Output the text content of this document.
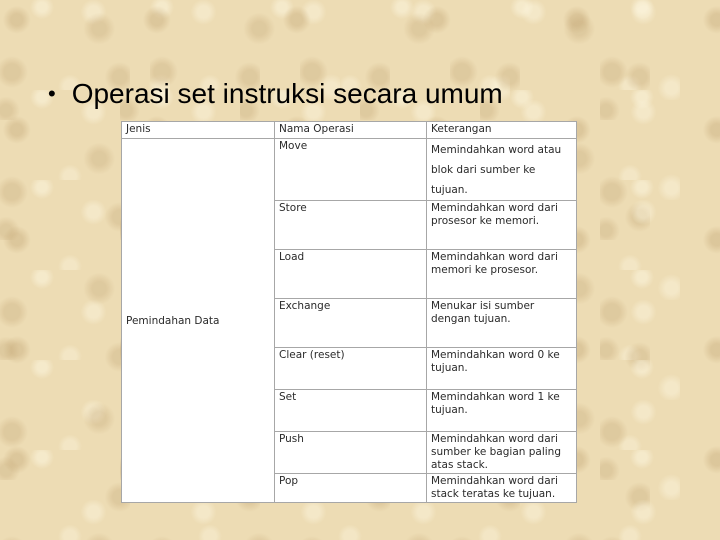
• Operasi set instruksi secara umum
Jenis	Nama Operasi	Keterangan
Pemindahan Data	Move	Memindahkan word atau
blok dari sumber ke
tujuan.

	Store	Memindahkan word dari
prosesor ke memori.

	Load	Memindahkan word dari
memori ke prosesor.

	Exchange	Menukar isi sumber
dengan tujuan.

	Clear (reset)	Memindahkan word 0 ke
tujuan.

	Set	Memindahkan word 1 ke
tujuan.

	Push	Memindahkan word dari
sumber ke bagian paling
atas stack.

	Pop	Memindahkan word dari
stack teratas ke tujuan.
